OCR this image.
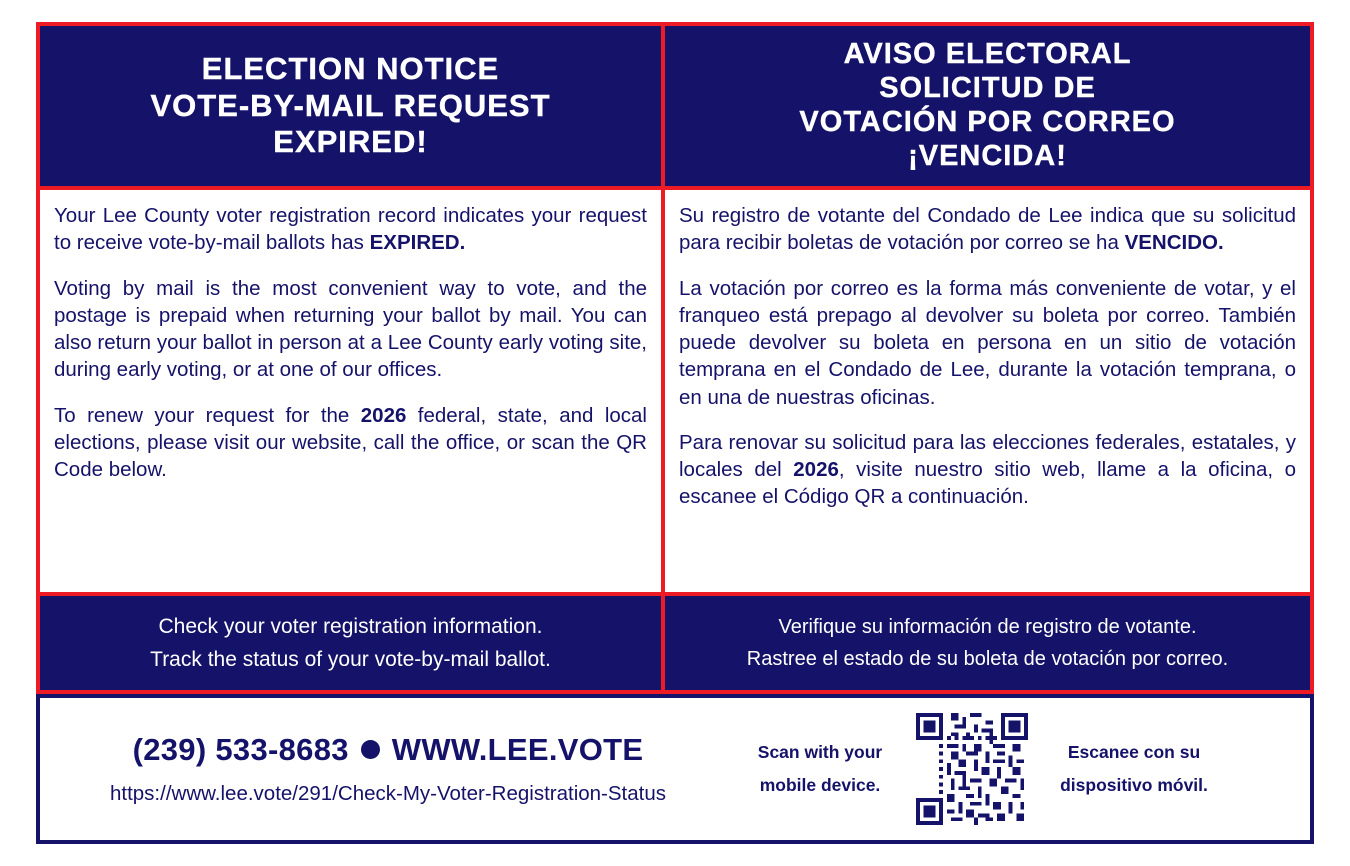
ELECTION NOTICE
VOTE-BY-MAIL REQUEST
EXPIRED!

Your Lee County voter registration record indicates your request to receive vote-by-mail ballots has EXPIRED.

Voting by mail is the most convenient way to vote, and the postage is prepaid when returning your ballot by mail. You can also return your ballot in person at a Lee County early voting site, during early voting, or at one of our offices.

To renew your request for the 2026 federal, state, and local elections, please visit our website, call the office, or scan the QR Code below.

Check your voter registration information.
Track the status of your vote-by-mail ballot.
AVISO ELECTORAL
SOLICITUD DE
VOTACIÓN POR CORREO
¡VENCIDA!

Su registro de votante del Condado de Lee indica que su solicitud para recibir boletas de votación por correo se ha VENCIDO.

La votación por correo es la forma más conveniente de votar, y el franqueo está prepago al devolver su boleta por correo. También puede devolver su boleta en persona en un sitio de votación temprana en el Condado de Lee, durante la votación temprana, o en una de nuestras oficinas.

Para renovar su solicitud para las elecciones federales, estatales, y locales del 2026, visite nuestro sitio web, llame a la oficina, o escanee el Código QR a continuación.

Verifique su información de registro de votante.
Rastree el estado de su boleta de votación por correo.
(239) 533-8683 WWW.LEE.VOTE
https://www.lee.vote/291/Check-My-Voter-Registration-Status
Scan with your
mobile device.
Escanee con su
dispositivo móvil.
